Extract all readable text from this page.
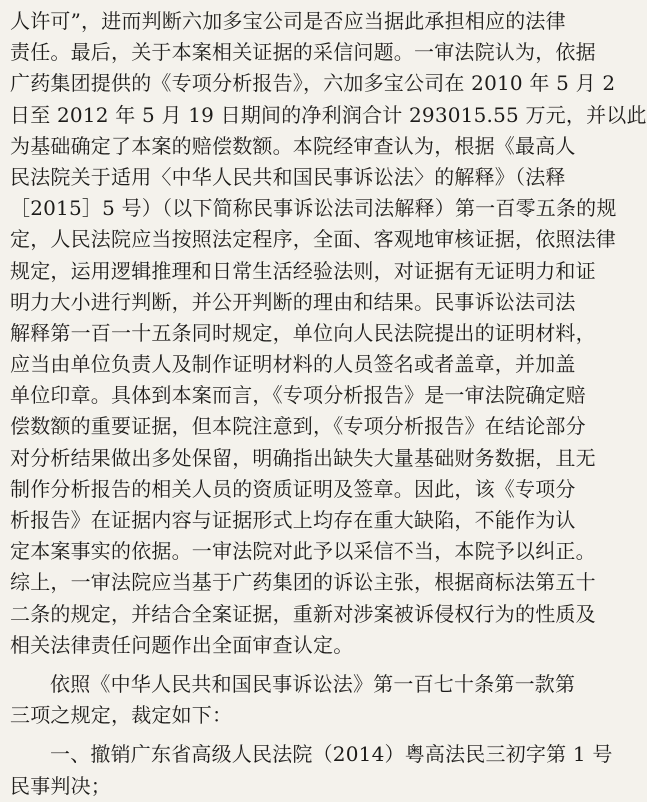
人许可”，进而判断六加多宝公司是否应当据此承担相应的法律
责任。最后，关于本案相关证据的采信问题。一审法院认为，依据
广药集团提供的《专项分析报告》，六加多宝公司在 2010 年 5 月 2
日至 2012 年 5 月 19 日期间的净利润合计 293015.55 万元，并以此
为基础确定了本案的赔偿数额。本院经审查认为，根据《最高人
民法院关于适用〈中华人民共和国民事诉讼法〉的解释》（法释
［2015］5 号）（以下简称民事诉讼法司法解释）第一百零五条的规
定，人民法院应当按照法定程序，全面、客观地审核证据，依照法律
规定，运用逻辑推理和日常生活经验法则，对证据有无证明力和证
明力大小进行判断，并公开判断的理由和结果。民事诉讼法司法
解释第一百一十五条同时规定，单位向人民法院提出的证明材料，
应当由单位负责人及制作证明材料的人员签名或者盖章，并加盖
单位印章。具体到本案而言，《专项分析报告》是一审法院确定赔
偿数额的重要证据，但本院注意到，《专项分析报告》在结论部分
对分析结果做出多处保留，明确指出缺失大量基础财务数据，且无
制作分析报告的相关人员的资质证明及签章。因此，该《专项分
析报告》在证据内容与证据形式上均存在重大缺陷，不能作为认
定本案事实的依据。一审法院对此予以采信不当，本院予以纠正。
综上，一审法院应当基于广药集团的诉讼主张，根据商标法第五十
二条的规定，并结合全案证据，重新对涉案被诉侵权行为的性质及
相关法律责任问题作出全面审查认定。
依照《中华人民共和国民事诉讼法》第一百七十条第一款第
三项之规定，裁定如下：
一、撤销广东省高级人民法院（2014）粤高法民三初字第 1 号
民事判决；
